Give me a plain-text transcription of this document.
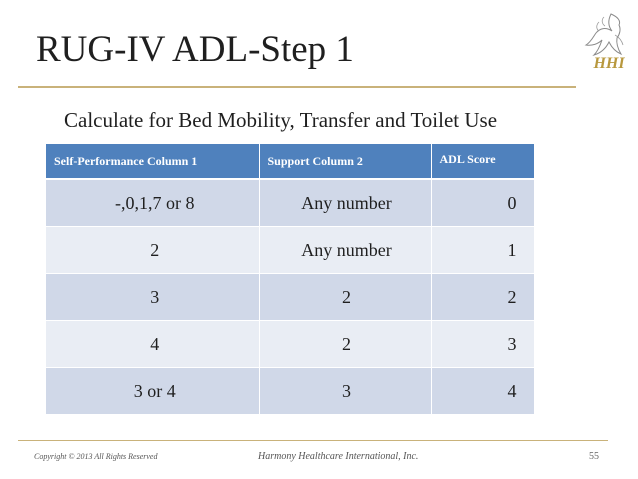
RUG-IV ADL-Step 1	HHI
Calculate for Bed Mobility, Transfer and Toilet Use
Self-Performance Column 1	Support Column 2	ADL Score
-,0,1,7 or 8	Any number	0
2	Any number	1
3	2	2
4	2	3
3 or 4	3	4
Copyright © 2013 All Rights Reserved	Harmony Healthcare International, Inc.	55
